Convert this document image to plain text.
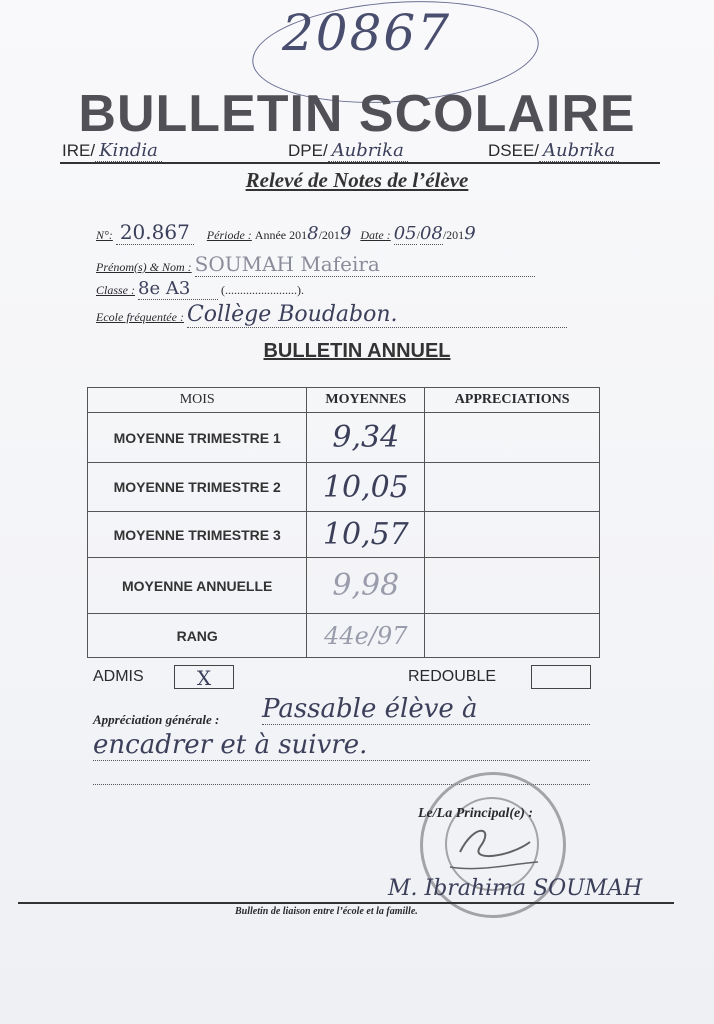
20867
BULLETIN SCOLAIRE
IRE/ Kindia	DPE/ Aubrika	DSEE/ Aubrika
Relevé de Notes de l’élève
N°: 20.867 Période : Année 2018/2019 Date : 05/08/2019
Prénom(s) & Nom : SOUMAH Mafeira
Classe : 8e A3	(........................).
Ecole fréquentée : Collège Boudabon.
BULLETIN ANNUEL
MOIS	MOYENNES	APPRECIATIONS
MOYENNE TRIMESTRE 1	9,34	
MOYENNE TRIMESTRE 2	10,05	
MOYENNE TRIMESTRE 3	10,57	
MOYENNE ANNUELLE	9,98	
RANG	44e/97	
ADMIS	X	REDOUBLE
Appréciation générale : Passable élève à
encadrer et à suivre.
Le/La Principal(e) :
M. Ibrahima SOUMAH
Bulletin de liaison entre l’école et la famille.
